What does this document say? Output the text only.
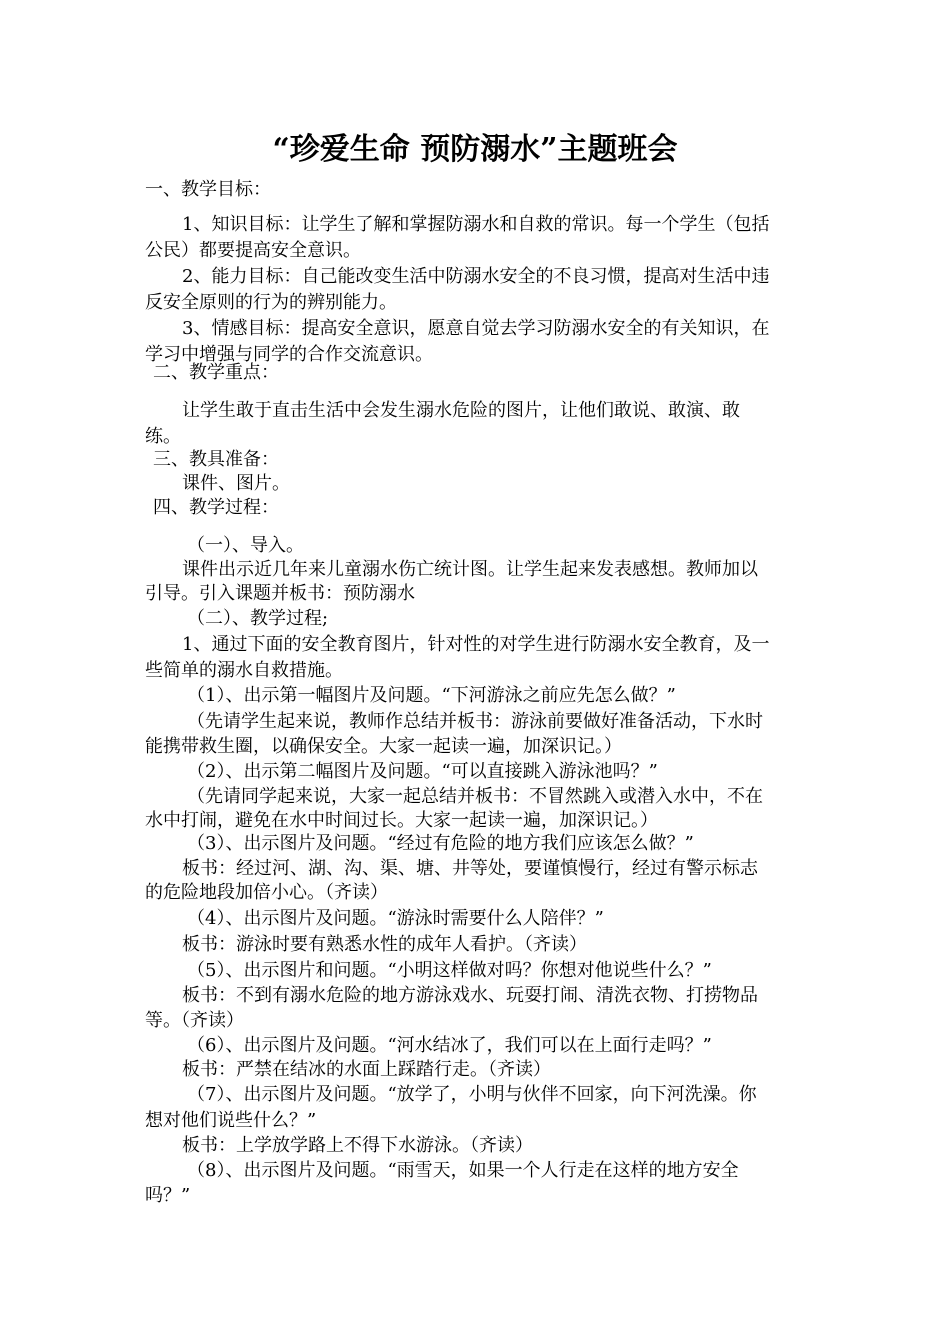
“珍爱生命 预防溺水”主题班会
一、教学目标：
1、知识目标：让学生了解和掌握防溺水和自救的常识。每一个学生（包括
公民）都要提高安全意识。
2、能力目标：自己能改变生活中防溺水安全的不良习惯，提高对生活中违
反安全原则的行为的辨别能力。
3、情感目标：提高安全意识，愿意自觉去学习防溺水安全的有关知识，在
学习中增强与同学的合作交流意识。
二、教学重点：
让学生敢于直击生活中会发生溺水危险的图片，让他们敢说、敢演、敢
练。
三、教具准备：
课件、图片。
四、教学过程：
（一）、导入。
课件出示近几年来儿童溺水伤亡统计图。让学生起来发表感想。教师加以
引导。引入课题并板书：预防溺水
（二）、教学过程;
1、通过下面的安全教育图片，针对性的对学生进行防溺水安全教育，及一
些简单的溺水自救措施。
（1）、出示第一幅图片及问题。“下河游泳之前应先怎么做？”
（先请学生起来说，教师作总结并板书：游泳前要做好准备活动，下水时
能携带救生圈，以确保安全。大家一起读一遍，加深识记。）
（2）、出示第二幅图片及问题。“可以直接跳入游泳池吗？”
（先请同学起来说，大家一起总结并板书：不冒然跳入或潜入水中，不在
水中打闹，避免在水中时间过长。大家一起读一遍，加深识记。）
（3）、出示图片及问题。“经过有危险的地方我们应该怎么做？”
板书：经过河、湖、沟、渠、塘、井等处，要谨慎慢行，经过有警示标志
的危险地段加倍小心。（齐读）
（4）、出示图片及问题。“游泳时需要什么人陪伴？”
板书：游泳时要有熟悉水性的成年人看护。（齐读）
（5）、出示图片和问题。“小明这样做对吗？你想对他说些什么？”
板书：不到有溺水危险的地方游泳戏水、玩耍打闹、清洗衣物、打捞物品
等。（齐读）
（6）、出示图片及问题。“河水结冰了，我们可以在上面行走吗？”
板书：严禁在结冰的水面上踩踏行走。（齐读）
（7）、出示图片及问题。“放学了，小明与伙伴不回家，向下河洗澡。你
想对他们说些什么？”
板书：上学放学路上不得下水游泳。（齐读）
（8）、出示图片及问题。“雨雪天，如果一个人行走在这样的地方安全
吗？”
